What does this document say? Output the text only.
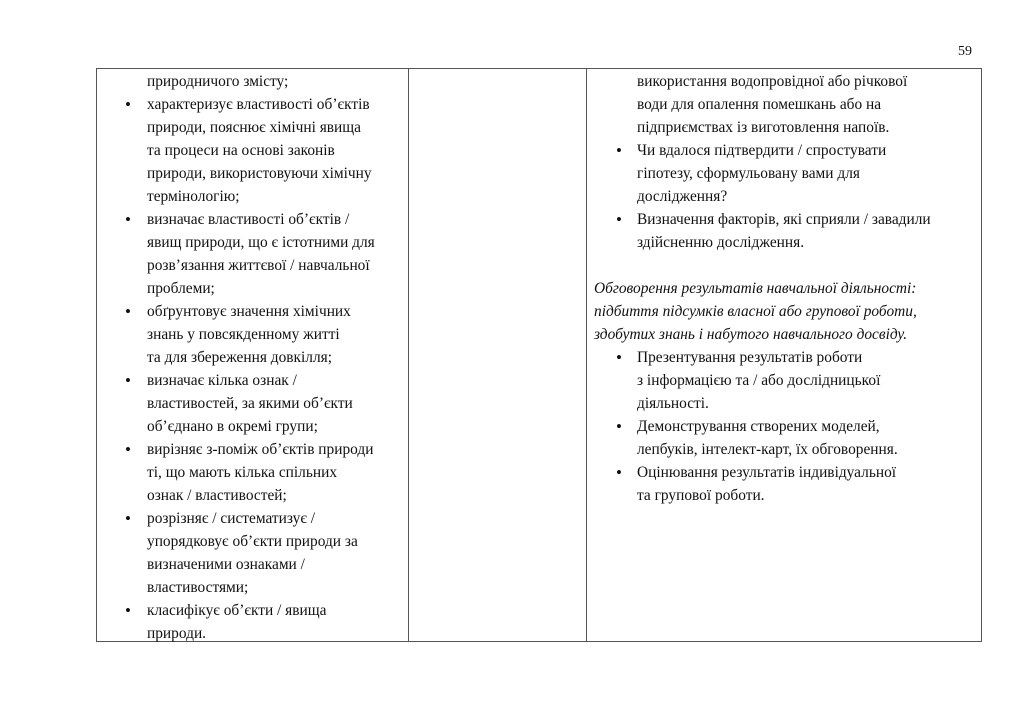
59
природничого змісту;
• характеризує властивості об’єктів
природи, пояснює хімічні явища
та процеси на основі законів
природи, використовуючи хімічну
термінологію;
• визначає властивості об’єктів /
явищ природи, що є істотними для
розв’язання життєвої / навчальної
проблеми;
• обґрунтовує значення хімічних
знань у повсякденному житті
та для збереження довкілля;
• визначає кілька ознак /
властивостей, за якими об’єкти
об’єднано в окремі групи;
• вирізняє з-поміж об’єктів природи
ті, що мають кілька спільних
ознак / властивостей;
• розрізняє / систематизує /
упорядковує об’єкти природи за
визначеними ознаками /
властивостями;
• класифікує об’єкти / явища
природи.
використання водопровідної або річкової
води для опалення помешкань або на
підприємствах із виготовлення напоїв.
• Чи вдалося підтвердити / спростувати
гіпотезу, сформульовану вами для
дослідження?
• Визначення факторів, які сприяли / завадили
здійсненню дослідження.
Обговорення результатів навчальної діяльності:
підбиття підсумків власної або групової роботи,
здобутих знань і набутого навчального досвіду.
• Презентування результатів роботи
з інформацією та / або дослідницької
діяльності.
• Демонстрування створених моделей,
лепбуків, інтелект-карт, їх обговорення.
• Оцінювання результатів індивідуальної
та групової роботи.
